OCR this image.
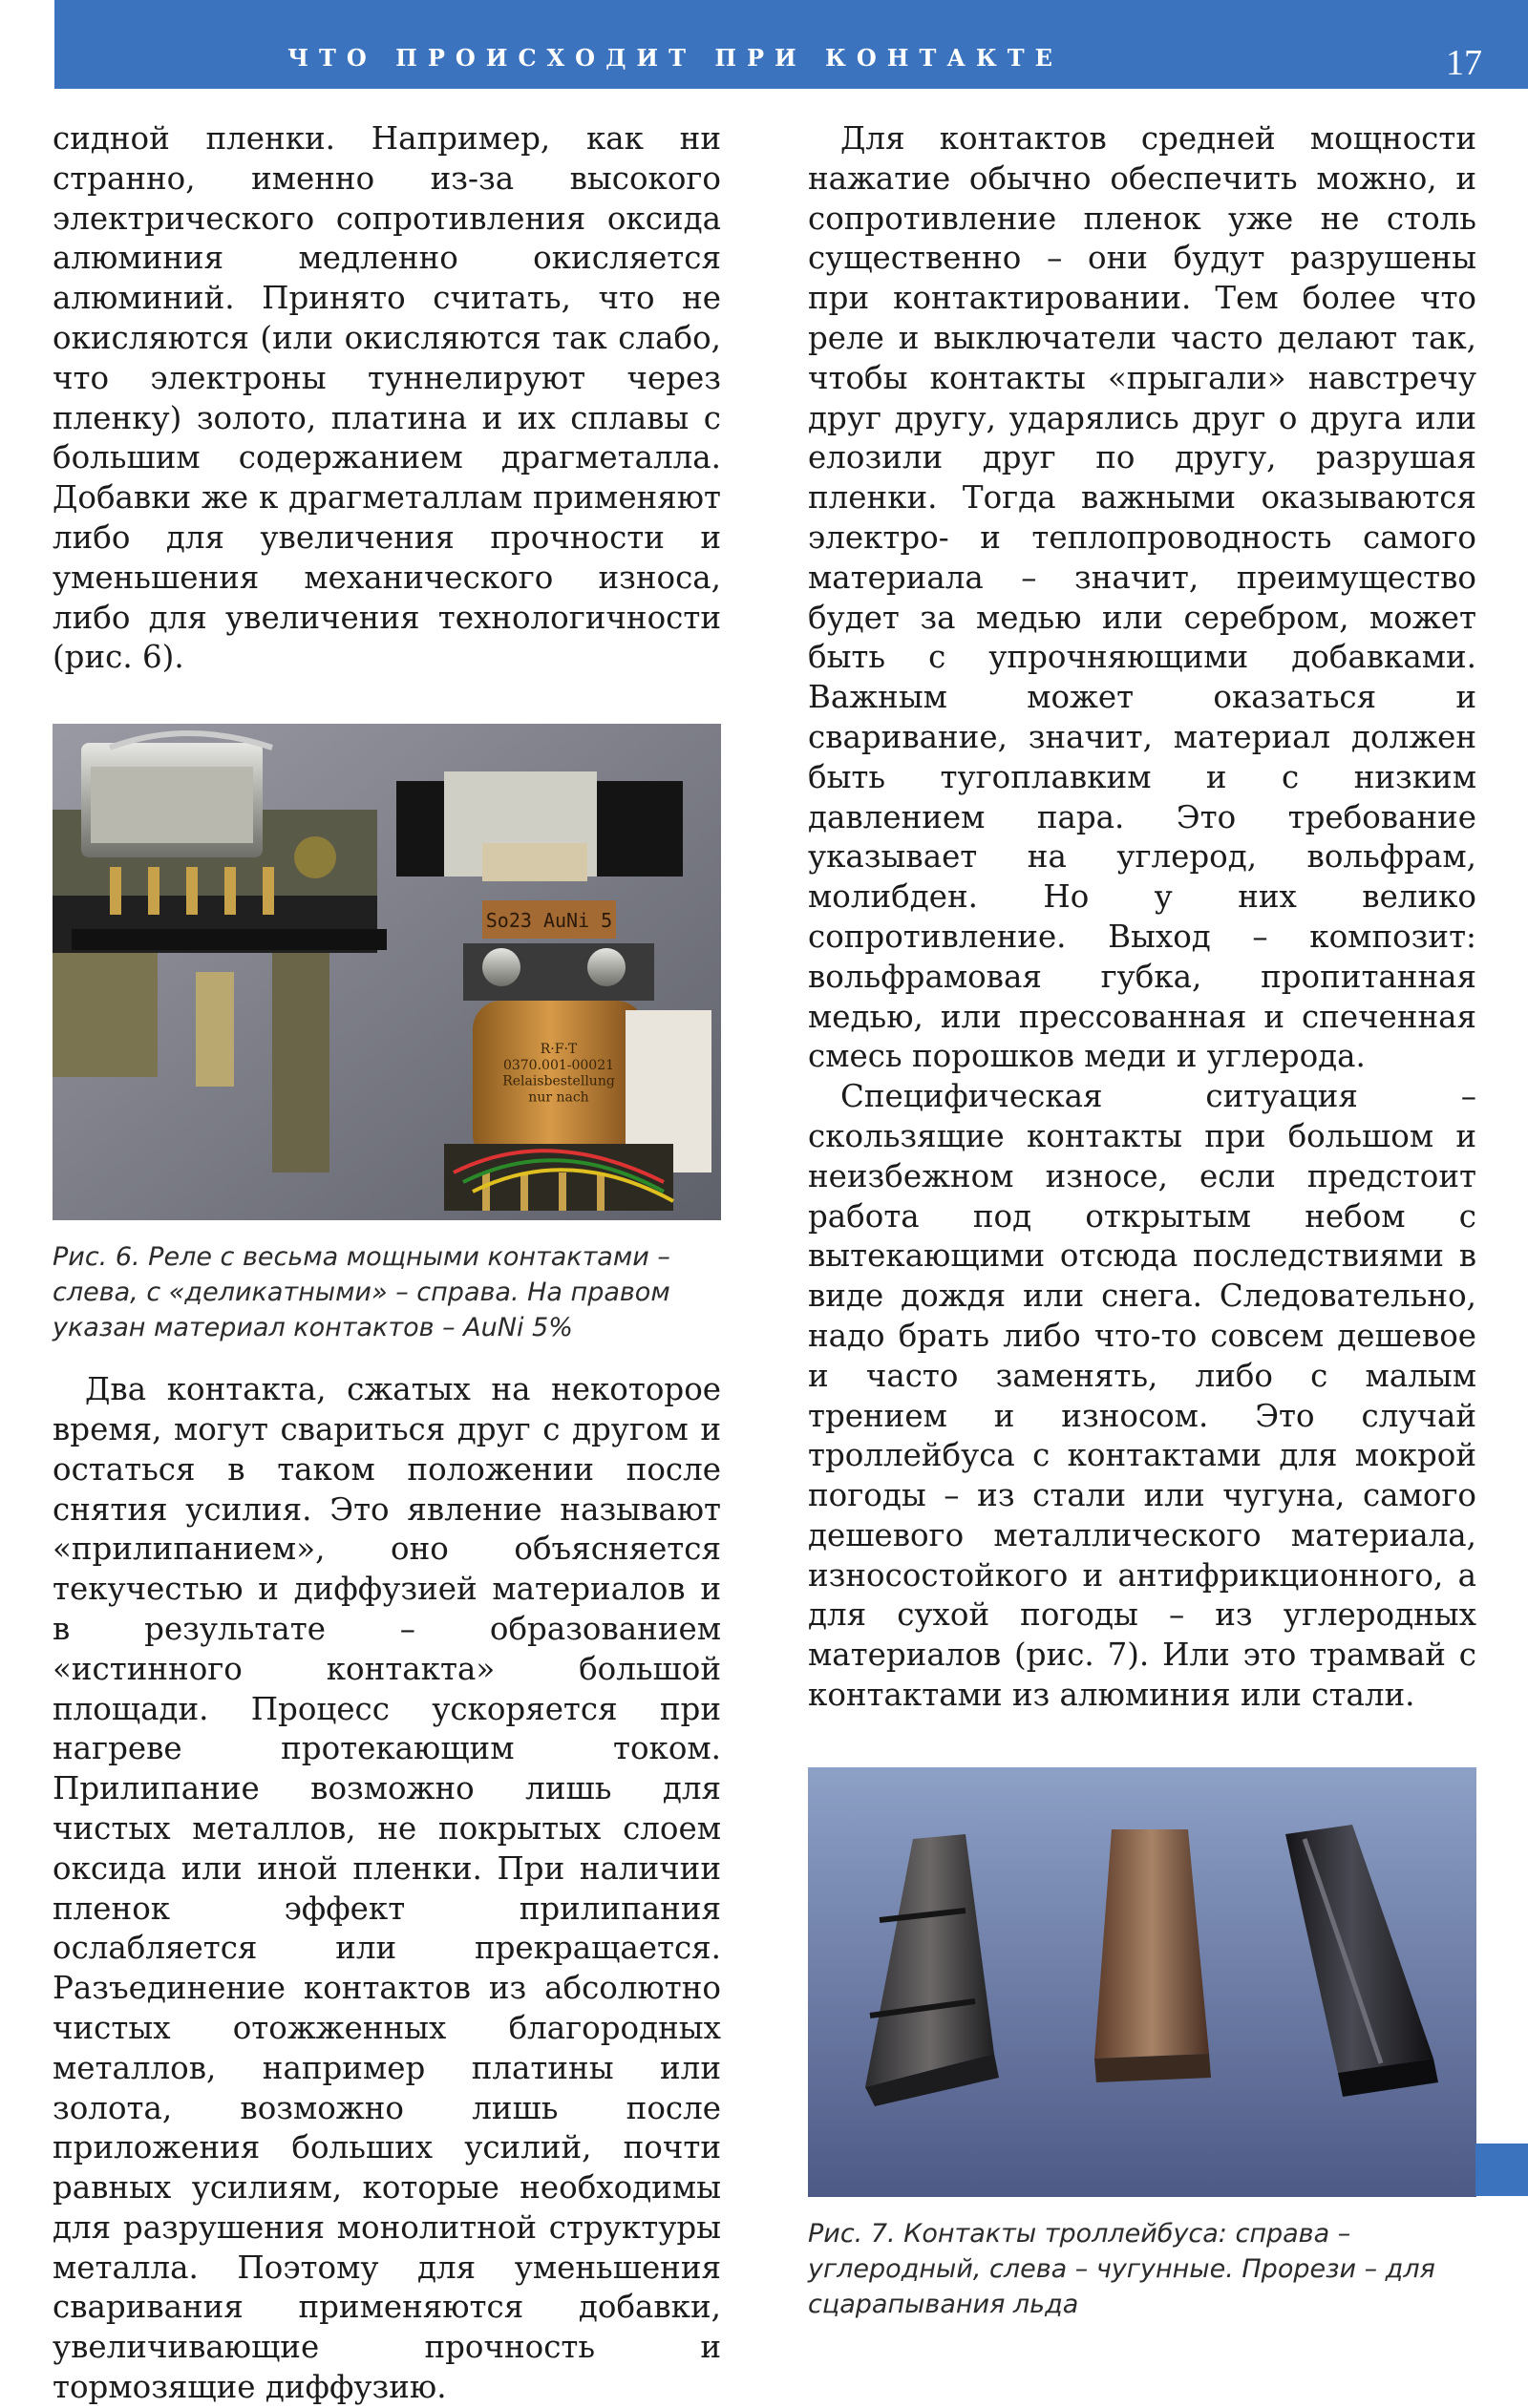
ЧТО ПРОИСХОДИТ ПРИ КОНТАКТЕ	17

сидной пленки. Например, как ни странно, именно из-за высокого электрического сопротивления оксида алюминия медленно окисляется алюминий. Принято считать, что не окисляются (или окисляются так слабо, что электроны туннелируют через пленку) золото, платина и их сплавы с большим содержанием драгметалла. Добавки же к драгметаллам применяют либо для увеличения прочности и уменьшения механического износа, либо для увеличения технологичности (рис. 6).

So23 AuNi 5
R·F·T 0370.001-00021 Relaisbestellung nur nach
Рис. 6. Реле с весьма мощными контактами – слева, с «деликатными» – справа. На правом указан материал контактов – AuNi 5%

Два контакта, сжатых на некоторое время, могут свариться друг с другом и остаться в таком положении после снятия усилия. Это явление называют «прилипанием», оно объясняется текучестью и диффузией материалов и в результате – образованием «истинного контакта» большой площади. Процесс ускоряется при нагреве протекающим током. Прилипание возможно лишь для чистых металлов, не покрытых слоем оксида или иной пленки. При наличии пленок эффект прилипания ослабляется или прекращается. Разъединение контактов из абсолютно чистых отожженных благородных металлов, например платины или золота, возможно лишь после приложения больших усилий, почти равных усилиям, которые необходимы для разрушения монолитной структуры металла. Поэтому для уменьшения сваривания применяются добавки, увеличивающие прочность и тормозящие диффузию.

Для контактов средней мощности нажатие обычно обеспечить можно, и сопротивление пленок уже не столь существенно – они будут разрушены при контактировании. Тем более что реле и выключатели часто делают так, чтобы контакты «прыгали» навстречу друг другу, ударялись друг о друга или елозили друг по другу, разрушая пленки. Тогда важными оказываются электро- и теплопроводность самого материала – значит, преимущество будет за медью или серебром, может быть с упрочняющими добавками. Важным может оказаться и сваривание, значит, материал должен быть тугоплавким и с низким давлением пара. Это требование указывает на углерод, вольфрам, молибден. Но у них велико сопротивление. Выход – композит: вольфрамовая губка, пропитанная медью, или прессованная и спеченная смесь порошков меди и углерода.

Специфическая ситуация – скользящие контакты при большом и неизбежном износе, если предстоит работа под открытым небом с вытекающими отсюда последствиями в виде дождя или снега. Следовательно, надо брать либо что-то совсем дешевое и часто заменять, либо с малым трением и износом. Это случай троллейбуса с контактами для мокрой погоды – из стали или чугуна, самого дешевого металлического материала, износостойкого и антифрикционного, а для сухой погоды – из углеродных материалов (рис. 7). Или это трамвай с контактами из алюминия или стали.

Рис. 7. Контакты троллейбуса: справа – углеродный, слева – чугунные. Прорези – для сцарапывания льда
